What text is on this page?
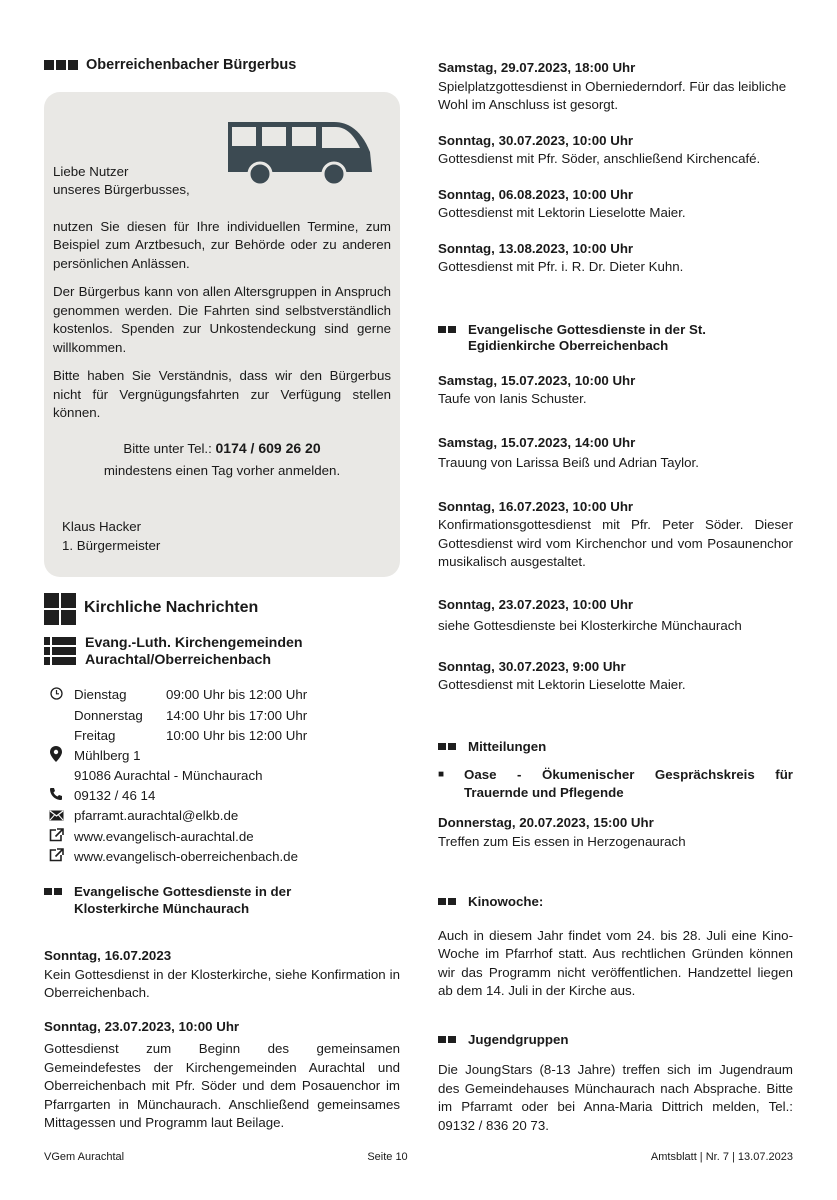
Oberreichenbacher Bürgerbus
Liebe Nutzer
unseres Bürgerbusses,

nutzen Sie diesen für Ihre individuellen Termine, zum Beispiel zum Arztbesuch, zur Behörde oder zu anderen persönlichen Anlässen.

Der Bürgerbus kann von allen Altersgruppen in Anspruch genommen werden. Die Fahrten sind selbstverständlich kostenlos. Spenden zur Unkostendeckung sind gerne willkommen.

Bitte haben Sie Verständnis, dass wir den Bürgerbus nicht für Vergnügungsfahrten zur Verfügung stellen können.

Bitte unter Tel.: 0174 / 609 26 20
mindestens einen Tag vorher anmelden.
Klaus Hacker
1. Bürgermeister
Kirchliche Nachrichten
Evang.-Luth. Kirchengemeinden
Aurachtal/Oberreichenbach
Dienstag	09:00 Uhr bis 12:00 Uhr
Donnerstag	14:00 Uhr bis 17:00 Uhr
Freitag	10:00 Uhr bis 12:00 Uhr
Mühlberg 1
91086 Aurachtal - Münchaurach
09132 / 46 14
pfarramt.aurachtal@elkb.de
www.evangelisch-aurachtal.de
www.evangelisch-oberreichenbach.de
Evangelische Gottesdienste in der
Klosterkirche Münchaurach
Sonntag, 16.07.2023
Kein Gottesdienst in der Klosterkirche, siehe Konfirmation in Oberreichenbach.
Sonntag, 23.07.2023, 10:00 Uhr
Gottesdienst zum Beginn des gemeinsamen Gemeindefestes der Kirchengemeinden Aurachtal und Oberreichenbach mit Pfr. Söder und dem Posauenchor im Pfarrgarten in Münchaurach. Anschließend gemeinsames Mittagessen und Programm laut Beilage.
Samstag, 29.07.2023, 18:00 Uhr
Spielplatzgottesdienst in Oberniederndorf. Für das leibliche Wohl im Anschluss ist gesorgt.
Sonntag, 30.07.2023, 10:00 Uhr
Gottesdienst mit Pfr. Söder, anschließend Kirchencafé.
Sonntag, 06.08.2023, 10:00 Uhr
Gottesdienst mit Lektorin Lieselotte Maier.
Sonntag, 13.08.2023, 10:00 Uhr
Gottesdienst mit Pfr. i. R. Dr. Dieter Kuhn.
Evangelische Gottesdienste in der St.
Egidienkirche Oberreichenbach
Samstag, 15.07.2023, 10:00 Uhr
Taufe von Ianis Schuster.
Samstag, 15.07.2023, 14:00 Uhr
Trauung von Larissa Beiß und Adrian Taylor.
Sonntag, 16.07.2023, 10:00 Uhr
Konfirmationsgottesdienst mit Pfr. Peter Söder. Dieser Gottesdienst wird vom Kirchenchor und vom Posaunenchor musikalisch ausgestaltet.
Sonntag, 23.07.2023, 10:00 Uhr
siehe Gottesdienste bei Klosterkirche Münchaurach
Sonntag, 30.07.2023, 9:00 Uhr
Gottesdienst mit Lektorin Lieselotte Maier.
Mitteilungen
■	Oase - Ökumenischer Gesprächskreis für Trauernde und Pflegende
Donnerstag, 20.07.2023, 15:00 Uhr
Treffen zum Eis essen in Herzogenaurach
Kinowoche:

Auch in diesem Jahr findet vom 24. bis 28. Juli eine Kino-Woche im Pfarrhof statt. Aus rechtlichen Gründen können wir das Programm nicht veröffentlichen. Handzettel liegen ab dem 14. Juli in der Kirche aus.

Jugendgruppen

Die JoungStars (8-13 Jahre) treffen sich im Jugendraum des Gemeindehauses Münchaurach nach Absprache. Bitte im Pfarramt oder bei Anna-Maria Dittrich melden, Tel.: 09132 / 836 20 73.

VGem Aurachtal	Seite 10	Amtsblatt | Nr. 7 | 13.07.2023
